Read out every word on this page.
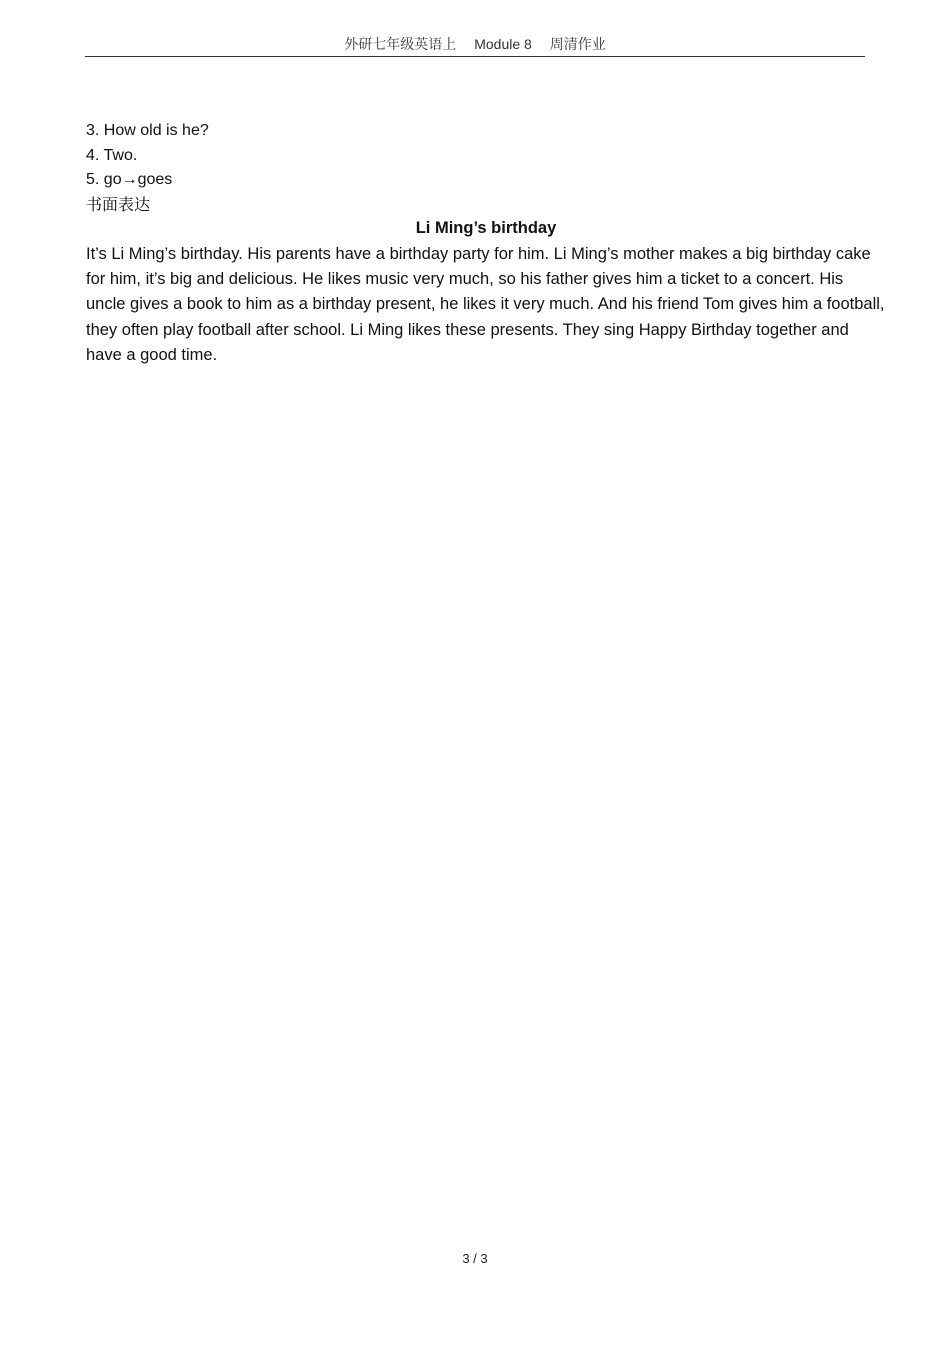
外研七年级英语上 Module 8 周清作业
3. How old is he?
4. Two.
5. go→goes
书面表达
Li Ming’s birthday

It’s Li Ming’s birthday. His parents have a birthday party for him. Li Ming’s mother makes a big birthday cake for him, it’s big and delicious. He likes music very much, so his father gives him a ticket to a concert. His uncle gives a book to him as a birthday present, he likes it very much. And his friend Tom gives him a football, they often play football after school. Li Ming likes these presents. They sing Happy Birthday together and have a good time.

3 / 3
